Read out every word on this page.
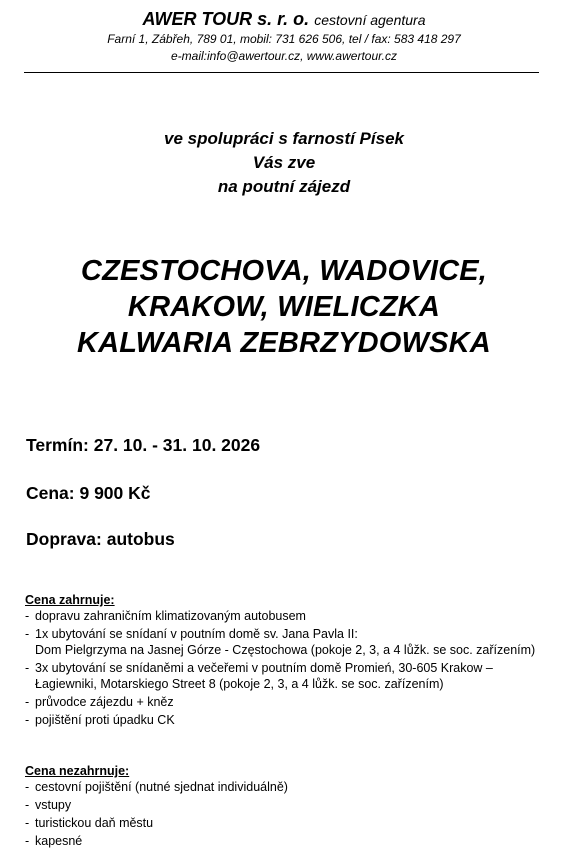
AWER TOUR s. r. o. cestovní agentura
Farní 1, Zábřeh, 789 01, mobil: 731 626 506, tel / fax: 583 418 297
e-mail:info@awertour.cz, www.awertour.cz
ve spolupráci s farností Písek
Vás zve
na poutní zájezd
CZESTOCHOVA, WADOVICE,
KRAKOW, WIELICZKA
KALWARIA ZEBRZYDOWSKA
Termín: 27. 10. - 31. 10. 2026
Cena: 9 900 Kč
Doprava: autobus
Cena zahrnuje:
- dopravu zahraničním klimatizovaným autobusem
- 1x ubytování se snídaní v poutním domě sv. Jana Pavla II:
Dom Pielgrzyma na Jasnej Górze - Częstochowa (pokoje 2, 3, a 4 lůžk. se soc. zařízením)
- 3x ubytování se snídaněmi a večeřemi v poutním domě Promień, 30-605 Krakow – Łagiewniki, Motarskiego Street 8 (pokoje 2, 3, a 4 lůžk. se soc. zařízením)
- průvodce zájezdu + kněz
- pojištění proti úpadku CK
Cena nezahrnuje:
- cestovní pojištění (nutné sjednat individuálně)
- vstupy
- turistickou daň městu
- kapesné
